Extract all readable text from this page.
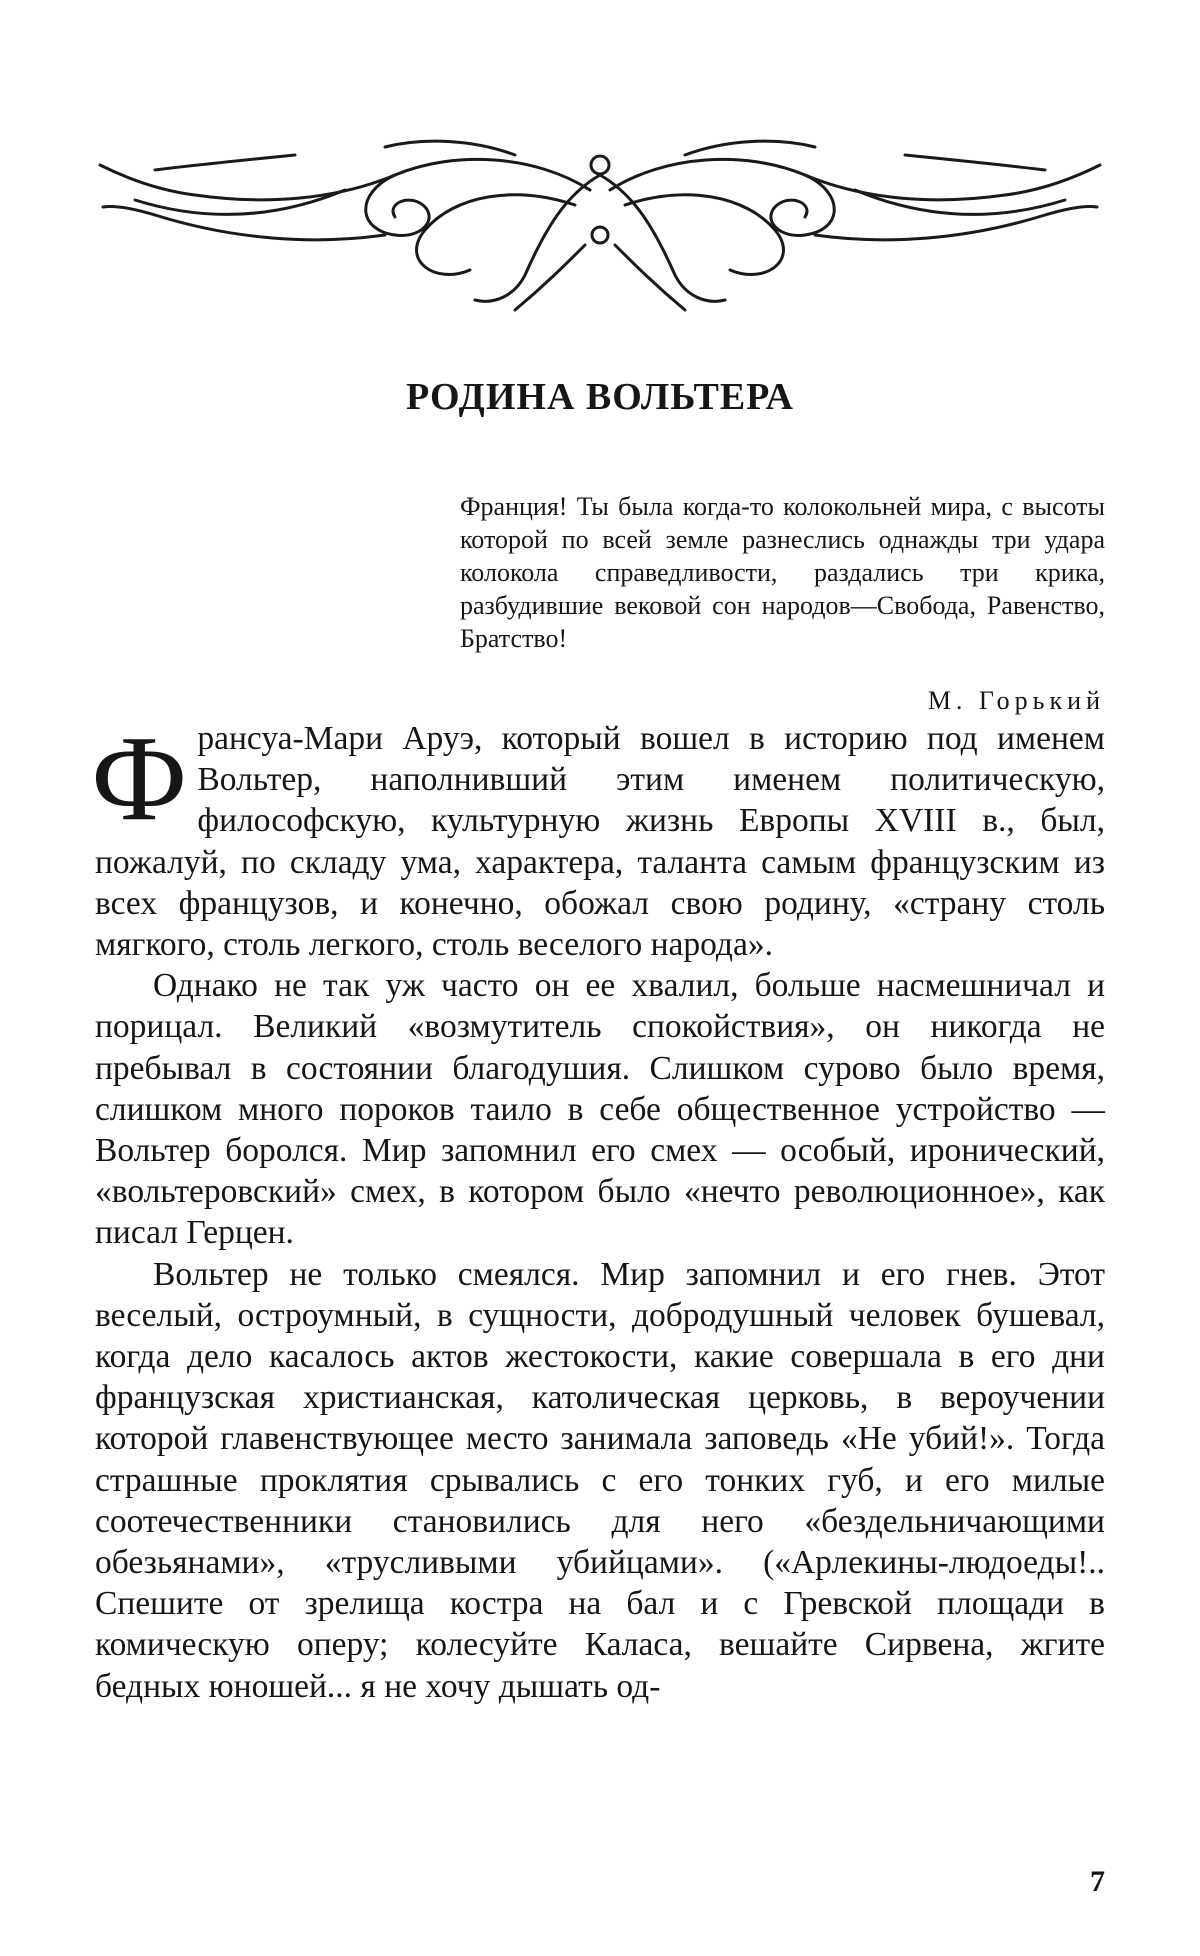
РОДИНА ВОЛЬТЕРА
Франция! Ты была когда-то колокольней мира, с высоты которой по всей земле разнеслись однажды три удара колокола справедливости, раздались три крика, разбудившие вековой сон народов—Свобода, Равенство, Братство!
М. Горький

Франсуа-Мари Аруэ, который вошел в историю под именем Вольтер, наполнивший этим именем политическую, философскую, культурную жизнь Европы XVIII в., был, пожалуй, по складу ума, характера, таланта самым французским из всех французов, и конечно, обожал свою родину, «страну столь мягкого, столь легкого, столь веселого народа».

Однако не так уж часто он ее хвалил, больше насмешничал и порицал. Великий «возмутитель спокойствия», он никогда не пребывал в состоянии благодушия. Слишком сурово было время, слишком много пороков таило в себе общественное устройство — Вольтер боролся. Мир запомнил его смех — особый, иронический, «вольтеровский» смех, в котором было «нечто революционное», как писал Герцен.

Вольтер не только смеялся. Мир запомнил и его гнев. Этот веселый, остроумный, в сущности, добродушный человек бушевал, когда дело касалось актов жестокости, какие совершала в его дни французская христианская, католическая церковь, в вероучении которой главенствующее место занимала заповедь «Не убий!». Тогда страшные проклятия срывались с его тонких губ, и его милые соотечественники становились для него «бездельничающими обезьянами», «трусливыми убийцами». («Арлекины-людоеды!.. Спешите от зрелища костра на бал и с Гревской площади в комическую оперу; колесуйте Каласа, вешайте Сирвена, жгите бедных юношей... я не хочу дышать од-

7
